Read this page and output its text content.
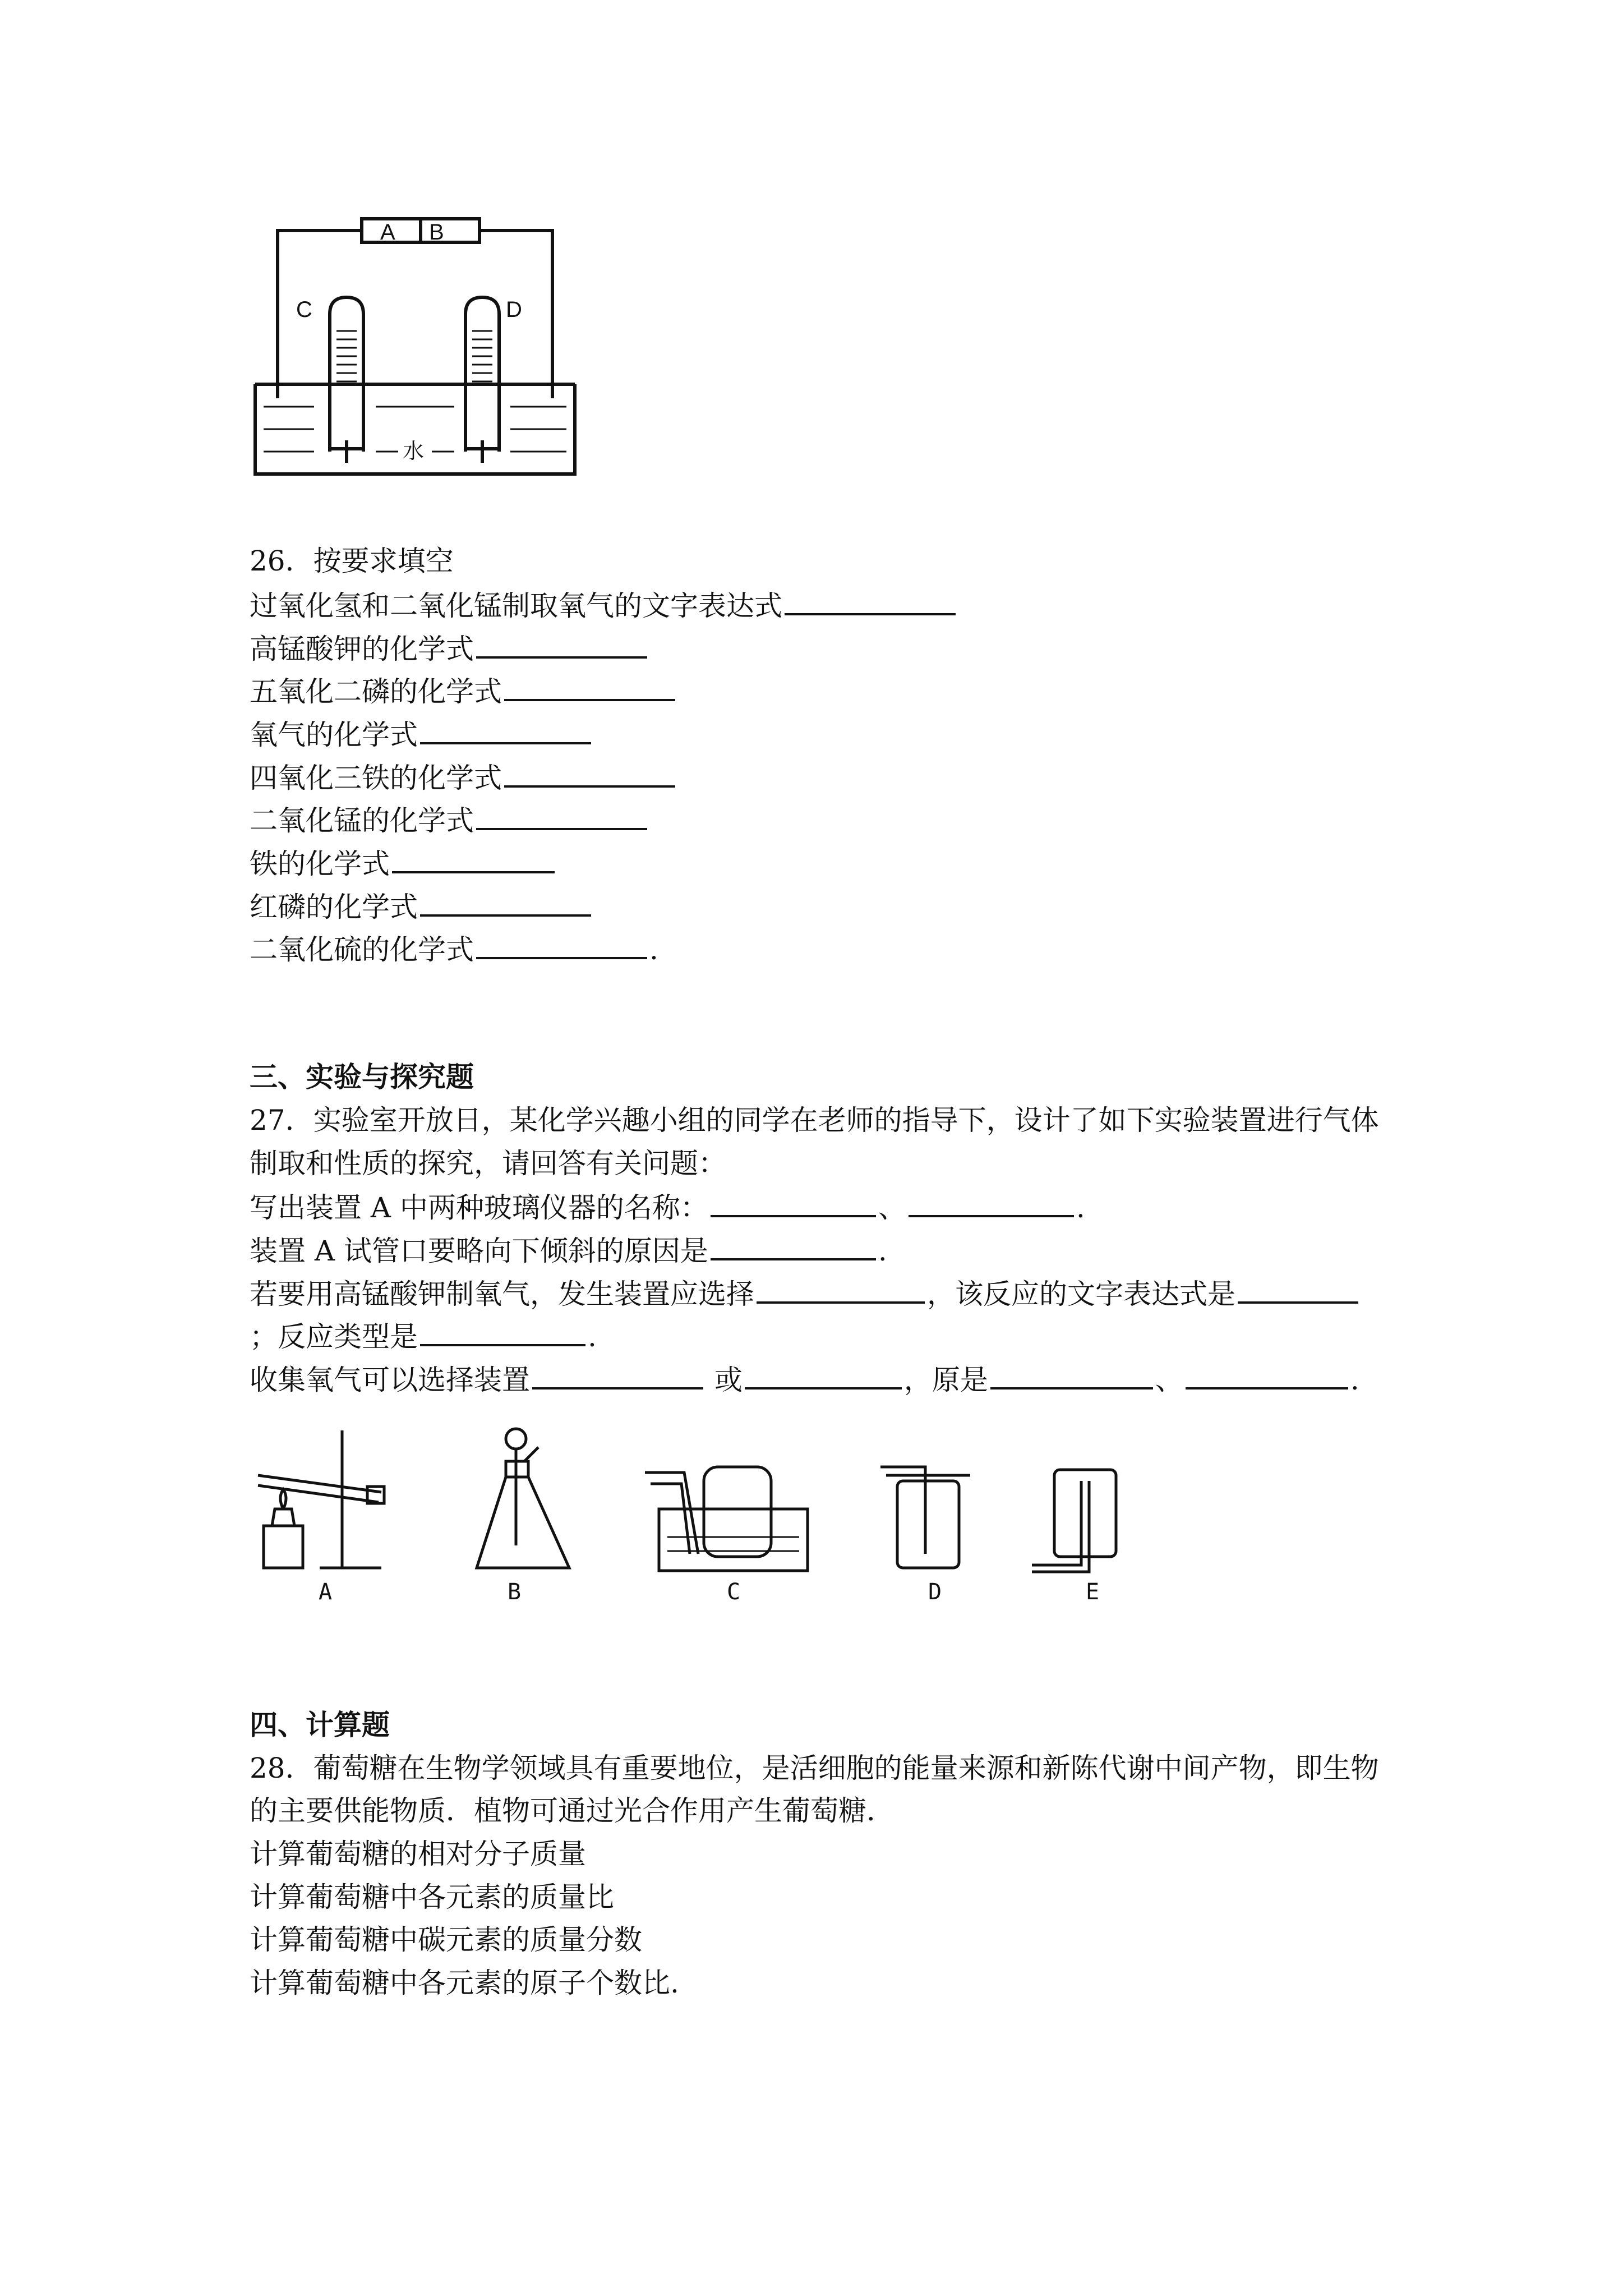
A B
C	D
水
26．按要求填空
过氧化氢和二氧化锰制取氧气的文字表达式
高锰酸钾的化学式
五氧化二磷的化学式
氧气的化学式
四氧化三铁的化学式
二氧化锰的化学式
铁的化学式
红磷的化学式
二氧化硫的化学式	.
三、实验与探究题
27．实验室开放日，某化学兴趣小组的同学在老师的指导下，设计了如下实验装置进行气体
制取和性质的探究，请回答有关问题：
写出装置 A 中两种玻璃仪器的名称：	、	.
装置 A 试管口要略向下倾斜的原因是	.
若要用高锰酸钾制氧气，发生装置应选择	，该反应的文字表达式是
；反应类型是	.
收集氧气可以选择装置	或	，原是	、	.
A	B	C	D	E
四、计算题
28．葡萄糖在生物学领域具有重要地位，是活细胞的能量来源和新陈代谢中间产物，即生物
的主要供能物质．植物可通过光合作用产生葡萄糖．
计算葡萄糖的相对分子质量
计算葡萄糖中各元素的质量比
计算葡萄糖中碳元素的质量分数
计算葡萄糖中各元素的原子个数比.
